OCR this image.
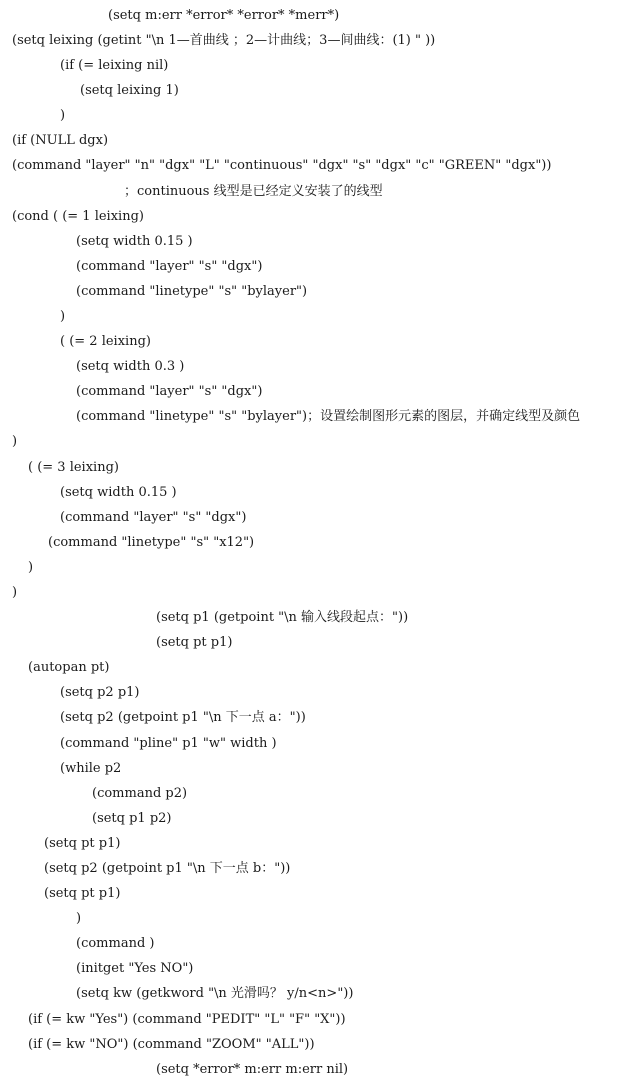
(setq m:err *error* *error* *merr*)
(setq leixing (getint "\n 1—首曲线 ；2—计曲线；3—间曲线：(1) " ))
(if (= leixing nil)
(setq leixing 1)
)
(if (NULL dgx)
(command "layer" "n" "dgx" "L" "continuous" "dgx" "s" "dgx" "c" "GREEN" "dgx"))
；continuous 线型是已经定义安装了的线型
(cond ( (= 1 leixing)
(setq width 0.15 )
(command "layer" "s" "dgx")
(command "linetype" "s" "bylayer")
)
( (= 2 leixing)
(setq width 0.3 )
(command "layer" "s" "dgx")
(command "linetype" "s" "bylayer")；设置绘制图形元素的图层，并确定线型及颜色
)
( (= 3 leixing)
(setq width 0.15 )
(command "layer" "s" "dgx")
(command "linetype" "s" "x12")
)
)
(setq p1 (getpoint "\n 输入线段起点："))
(setq pt p1)
(autopan pt)
(setq p2 p1)
(setq p2 (getpoint p1 "\n 下一点 a："))
(command "pline" p1 "w" width )
(while p2
(command p2)
(setq p1 p2)
(setq pt p1)
(setq p2 (getpoint p1 "\n 下一点 b："))
(setq pt p1)
)
(command )
(initget "Yes NO")
(setq kw (getkword "\n 光滑吗？ y/n<n>"))
(if (= kw "Yes") (command "PEDIT" "L" "F" "X"))
(if (= kw "NO") (command "ZOOM" "ALL"))
(setq *error* m:err m:err nil)
